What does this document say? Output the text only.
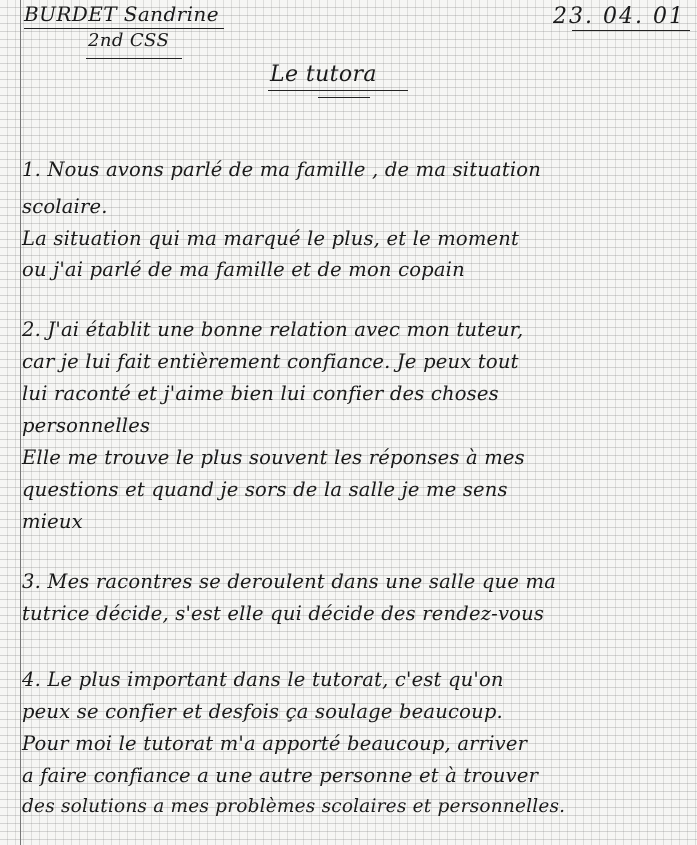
BURDET Sandrine
2nd CSS
23. 04. 01
Le tutora
1. Nous avons parlé de ma famille , de ma situation
scolaire.
La situation qui ma marqué le plus, et le moment
ou j'ai parlé de ma famille et de mon copain
2. J'ai établit une bonne relation avec mon tuteur,
car je lui fait entièrement confiance. Je peux tout
lui raconté et j'aime bien lui confier des choses
personnelles
Elle me trouve le plus souvent les réponses à mes
questions et quand je sors de la salle je me sens
mieux
3. Mes racontres se deroulent dans une salle que ma
tutrice décide, s'est elle qui décide des rendez-vous
4. Le plus important dans le tutorat, c'est qu'on
peux se confier et desfois ça soulage beaucoup.
Pour moi le tutorat m'a apporté beaucoup, arriver
a faire confiance a une autre personne et à trouver
des solutions a mes problèmes scolaires et personnelles.
